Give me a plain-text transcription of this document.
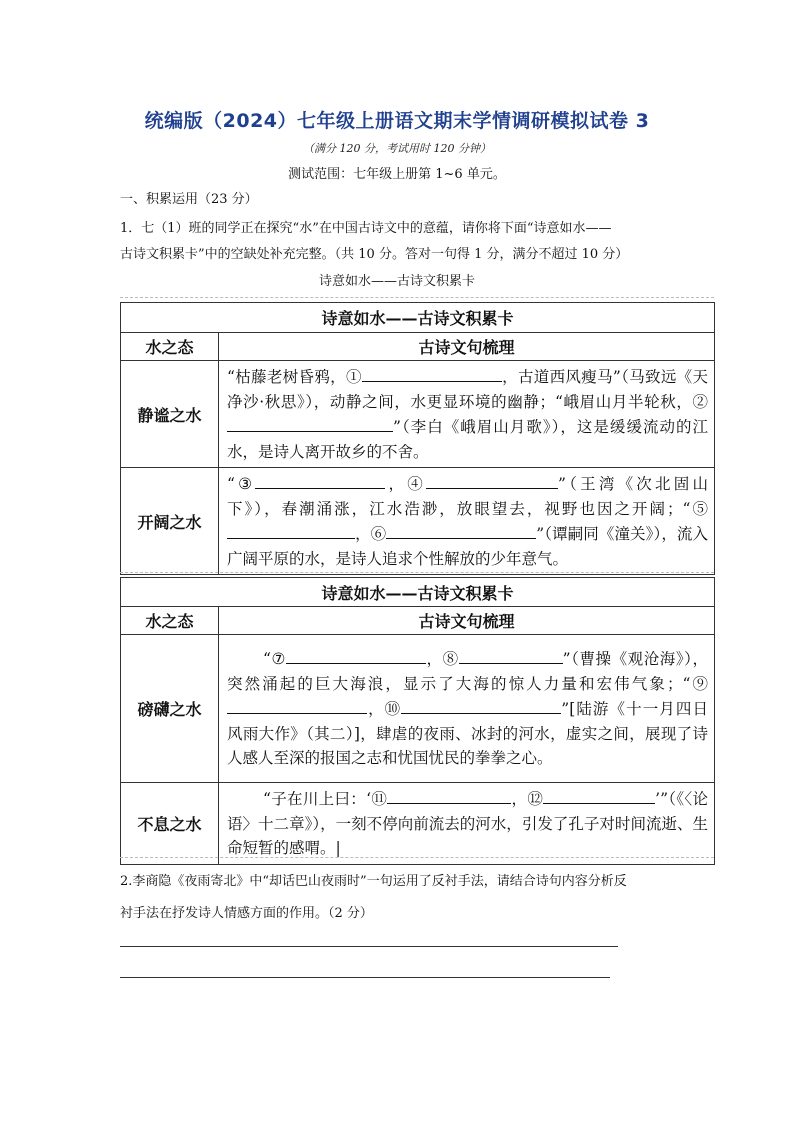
统编版（2024）七年级上册语文期末学情调研模拟试卷 3
（满分 120 分，考试用时 120 分钟）
测试范围：七年级上册第 1~6 单元。
一、积累运用（23 分）
1．七（1）班的同学正在探究“水”在中国古诗文中的意蕴，请你将下面“诗意如水——
古诗文积累卡”中的空缺处补充完整。（共 10 分。答对一句得 1 分，满分不超过 10 分）
诗意如水——古诗文积累卡
诗意如水——古诗文积累卡	
水之态	古诗文句梳理
静谧之水	“枯藤老树昏鸦，① ，古道西风瘦马”（马致远《天净沙·秋思》），动静之间，水更显环境的幽静；“峨眉山月半轮秋，②”（李白《峨眉山月歌》），这是缓缓流动的江水，是诗人离开故乡的不舍。
开阔之水	“③ ，④ ”（王湾《次北固山下》），春潮涌涨，江水浩渺，放眼望去，视野也因之开阔；“⑤，⑥ ”（谭嗣同《潼关》），流入广阔平原的水，是诗人追求个性解放的少年意气。
诗意如水——古诗文积累卡	
水之态	古诗文句梳理
磅礴之水	“⑦ ，⑧ ”（曹操《观沧海》），突然涌起的巨大海浪，显示了大海的惊人力量和宏伟气象；“⑨，⑩ ”[陆游《十一月四日风雨大作》（其二）]，肆虐的夜雨、冰封的河水，虚实之间，展现了诗人感人至深的报国之志和忧国忧民的拳拳之心。
不息之水	“子在川上曰：‘⑪ ，⑫ ’”（《〈论语〉十二章》），一刻不停向前流去的河水，引发了孔子对时间流逝、生命短暂的感喟。|
2.李商隐《夜雨寄北》中“却话巴山夜雨时”一句运用了反衬手法，请结合诗句内容分析反
衬手法在抒发诗人情感方面的作用。（2 分）
